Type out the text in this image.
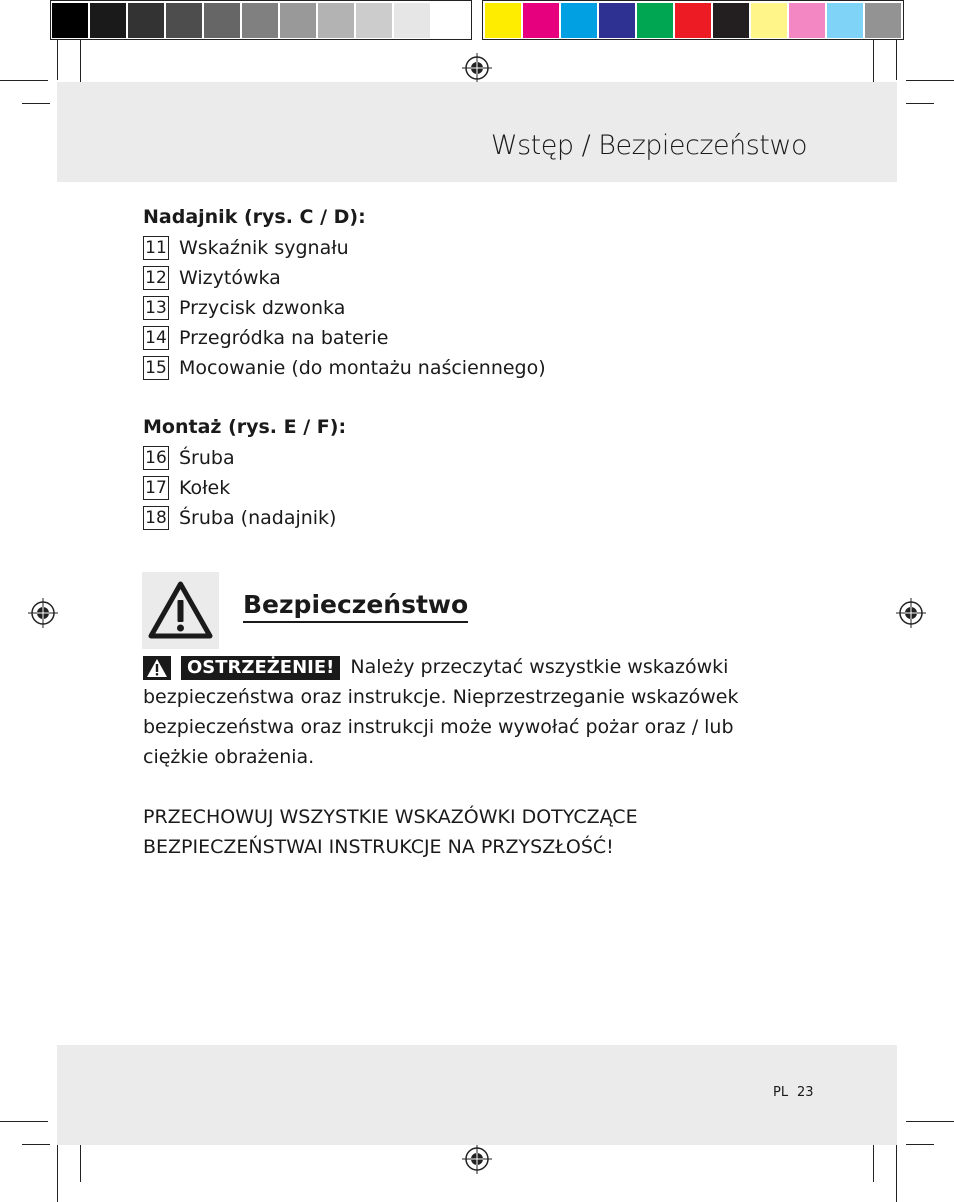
Wstęp / Bezpieczeństwo
Nadajnik (rys. C / D):
11 Wskaźnik sygnału
12 Wizytówka
13 Przycisk dzwonka
14 Przegródka na baterie
15 Mocowanie (do montażu naściennego)
Montaż (rys. E / F):
16 Śruba
17 Kołek
18 Śruba (nadajnik)
Bezpieczeństwo
OSTRZEŻENIE! Należy przeczytać wszystkie wskazówki
bezpieczeństwa oraz instrukcje. Nieprzestrzeganie wskazówek
bezpieczeństwa oraz instrukcji może wywołać pożar oraz / lub
ciężkie obrażenia.
PRZECHOWUJ WSZYSTKIE WSKAZÓWKI DOTYCZĄCE
BEZPIECZEŃSTWAI INSTRUKCJE NA PRZYSZŁOŚĆ!
PL 23
